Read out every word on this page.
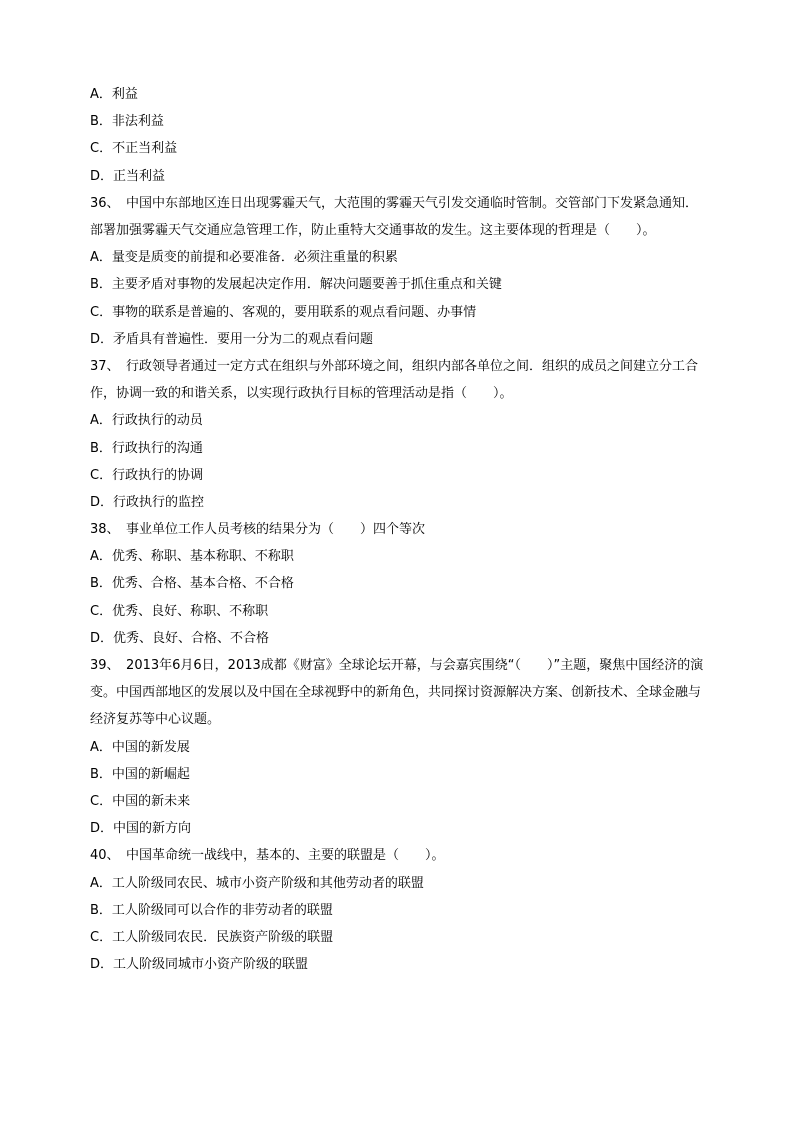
A．利益
B．非法利益
C．不正当利益
D．正当利益
36、　中国中东部地区连日出现雾霾天气，大范围的雾霾天气引发交通临时管制。交管部门下发紧急通知．部署加强雾霾天气交通应急管理工作，防止重特大交通事故的发生。这主要体现的哲理是（　　）。
A．量变是质变的前提和必要准备．必须注重量的积累
B．主要矛盾对事物的发展起决定作用．解决问题要善于抓住重点和关键
C．事物的联系是普遍的、客观的，要用联系的观点看问题、办事情
D．矛盾具有普遍性．要用一分为二的观点看问题
37、　行政领导者通过一定方式在组织与外部环境之间，组织内部各单位之间．组织的成员之间建立分工合作，协调一致的和谐关系，以实现行政执行目标的管理活动是指（　　）。
A．行政执行的动员
B．行政执行的沟通
C．行政执行的协调
D．行政执行的监控
38、　事业单位工作人员考核的结果分为（　　）四个等次
A．优秀、称职、基本称职、不称职
B．优秀、合格、基本合格、不合格
C．优秀、良好、称职、不称职
D．优秀、良好、合格、不合格
39、　2013年6月6日，2013成都《财富》全球论坛开幕，与会嘉宾围绕“（　　）”主题，聚焦中国经济的演变。中国西部地区的发展以及中国在全球视野中的新角色，共同探讨资源解决方案、创新技术、全球金融与经济复苏等中心议题。
A．中国的新发展
B．中国的新崛起
C．中国的新未来
D．中国的新方向
40、　中国革命统一战线中，基本的、主要的联盟是（　　）。
A．工人阶级同农民、城市小资产阶级和其他劳动者的联盟
B．工人阶级同可以合作的非劳动者的联盟
C．工人阶级同农民．民族资产阶级的联盟
D．工人阶级同城市小资产阶级的联盟
